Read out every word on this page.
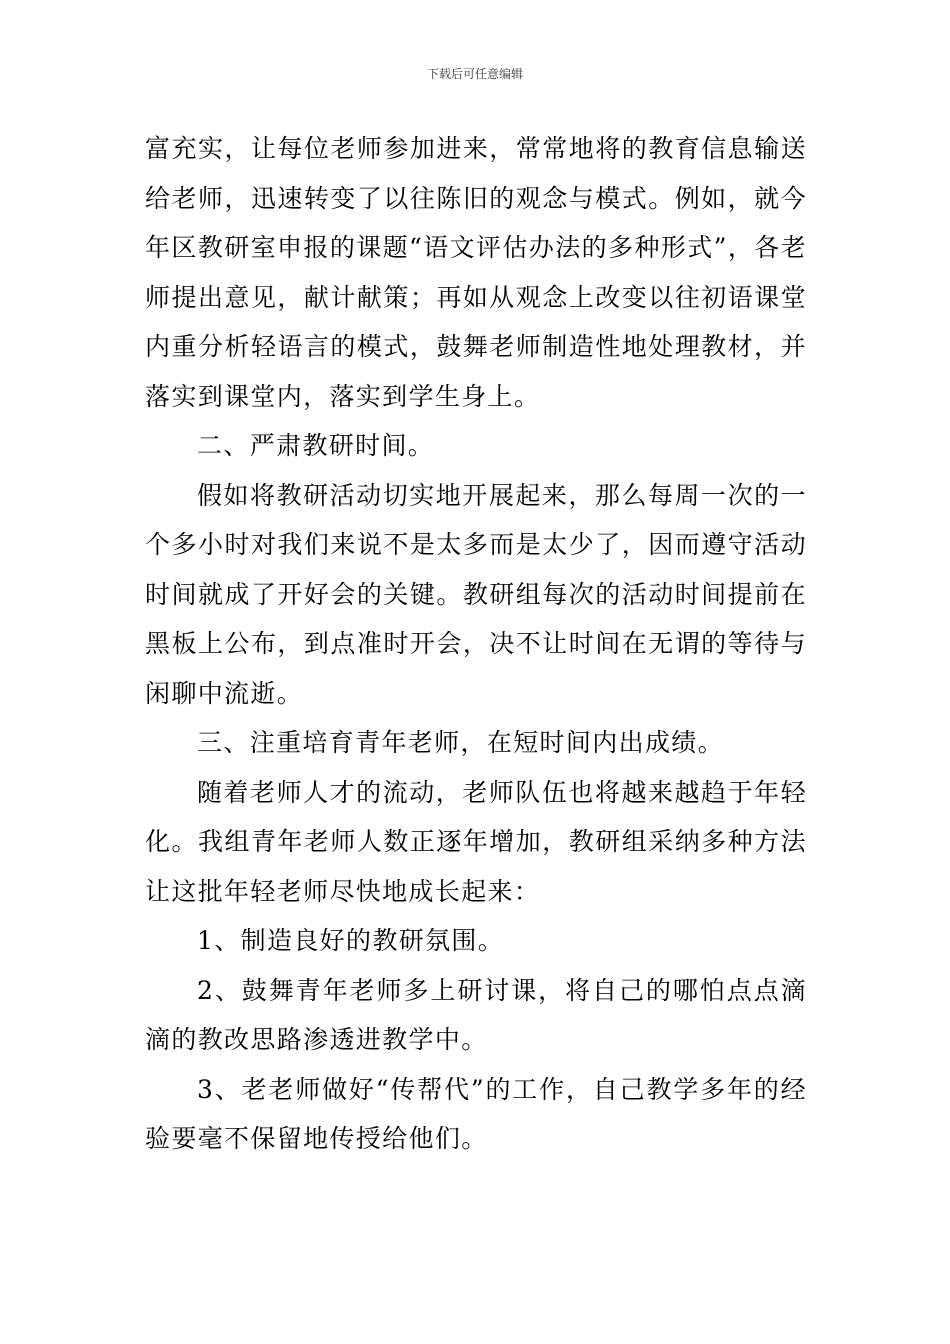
下载后可任意编辑

富充实，让每位老师参加进来，常常地将的教育信息输送给老师，迅速转变了以往陈旧的观念与模式。例如，就今年区教研室申报的课题“语文评估办法的多种形式”，各老师提出意见，献计献策；再如从观念上改变以往初语课堂内重分析轻语言的模式，鼓舞老师制造性地处理教材，并落实到课堂内，落实到学生身上。

二、严肃教研时间。

假如将教研活动切实地开展起来，那么每周一次的一个多小时对我们来说不是太多而是太少了，因而遵守活动时间就成了开好会的关键。教研组每次的活动时间提前在黑板上公布，到点准时开会，决不让时间在无谓的等待与闲聊中流逝。

三、注重培育青年老师，在短时间内出成绩。

随着老师人才的流动，老师队伍也将越来越趋于年轻化。我组青年老师人数正逐年增加，教研组采纳多种方法让这批年轻老师尽快地成长起来：

1、制造良好的教研氛围。

2、鼓舞青年老师多上研讨课，将自己的哪怕点点滴滴的教改思路渗透进教学中。

3、老老师做好“传帮代”的工作，自己教学多年的经验要毫不保留地传授给他们。
